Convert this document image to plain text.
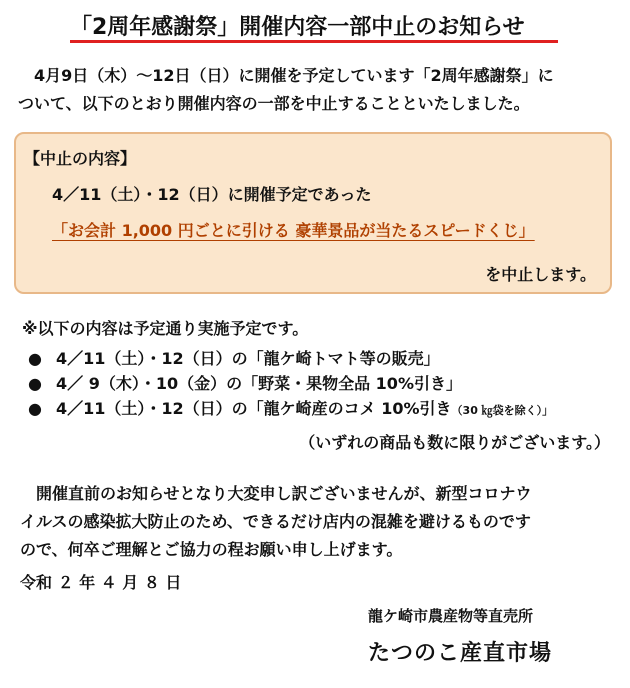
「2周年感謝祭」開催内容一部中止のお知らせ
4月9日（木）～12日（日）に開催を予定しています「2周年感謝祭」に
ついて、以下のとおり開催内容の一部を中止することといたしました。
【中止の内容】
4／11（土）・12（日）に開催予定であった
「お会計 1,000 円ごとに引ける 豪華景品が当たるスピードくじ」
を中止します。
※以下の内容は予定通り実施予定です。
● 4／11（土）・12（日）の「龍ケ崎トマト等の販売」
● 4／ 9（木）・10（金）の「野菜・果物全品 10%引き」
● 4／11（土）・12（日）の「龍ケ崎産のコメ 10%引き（30 ㎏袋を除く）」
（いずれの商品も数に限りがございます。）
開催直前のお知らせとなり大変申し訳ございませんが、新型コロナウ
イルスの感染拡大防止のため、できるだけ店内の混雑を避けるものです
ので、何卒ご理解とご協力の程お願い申し上げます。
令和 ２ 年 ４ 月 ８ 日
龍ケ崎市農産物等直売所
たつのこ産直市場
